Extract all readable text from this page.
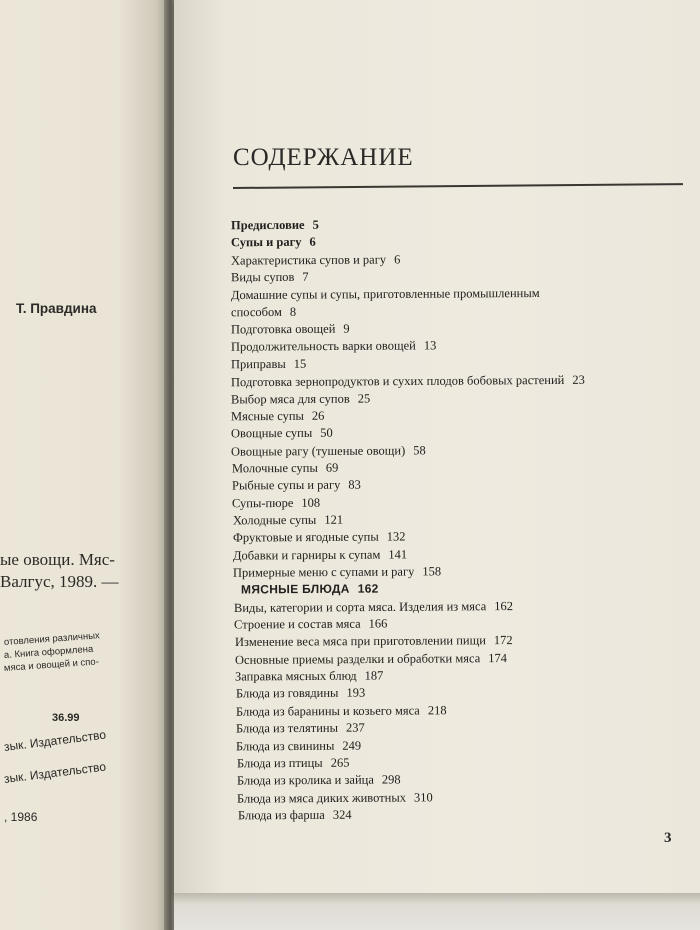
Т. Правдина
ые овощи. Мяс-
Валгус, 1989. —
отовления различных
а. Книга оформлена
мяса и овощей и спо-
36.99
зык. Издательство
зык. Издательство
, 1986
СОДЕРЖАНИЕ
Предисловие 5
Супы и рагу 6
Характеристика супов и рагу 6
Виды супов 7
Домашние супы и супы, приготовленные промышленным
способом 8
Подготовка овощей 9
Продолжительность варки овощей 13
Приправы 15
Подготовка зернопродуктов и сухих плодов бобовых растений 23
Выбор мяса для супов 25
Мясные супы 26
Овощные супы 50
Овощные рагу (тушеные овощи) 58
Молочные супы 69
Рыбные супы и рагу 83
Супы-пюре 108
Холодные супы 121
Фруктовые и ягодные супы 132
Добавки и гарниры к супам 141
Примерные меню с супами и рагу 158
МЯСНЫЕ БЛЮДА 162
Виды, категории и сорта мяса. Изделия из мяса 162
Строение и состав мяса 166
Изменение веса мяса при приготовлении пищи 172
Основные приемы разделки и обработки мяса 174
Заправка мясных блюд 187
Блюда из говядины 193
Блюда из баранины и козьего мяса 218
Блюда из телятины 237
Блюда из свинины 249
Блюда из птицы 265
Блюда из кролика и зайца 298
Блюда из мяса диких животных 310
Блюда из фарша 324
3
